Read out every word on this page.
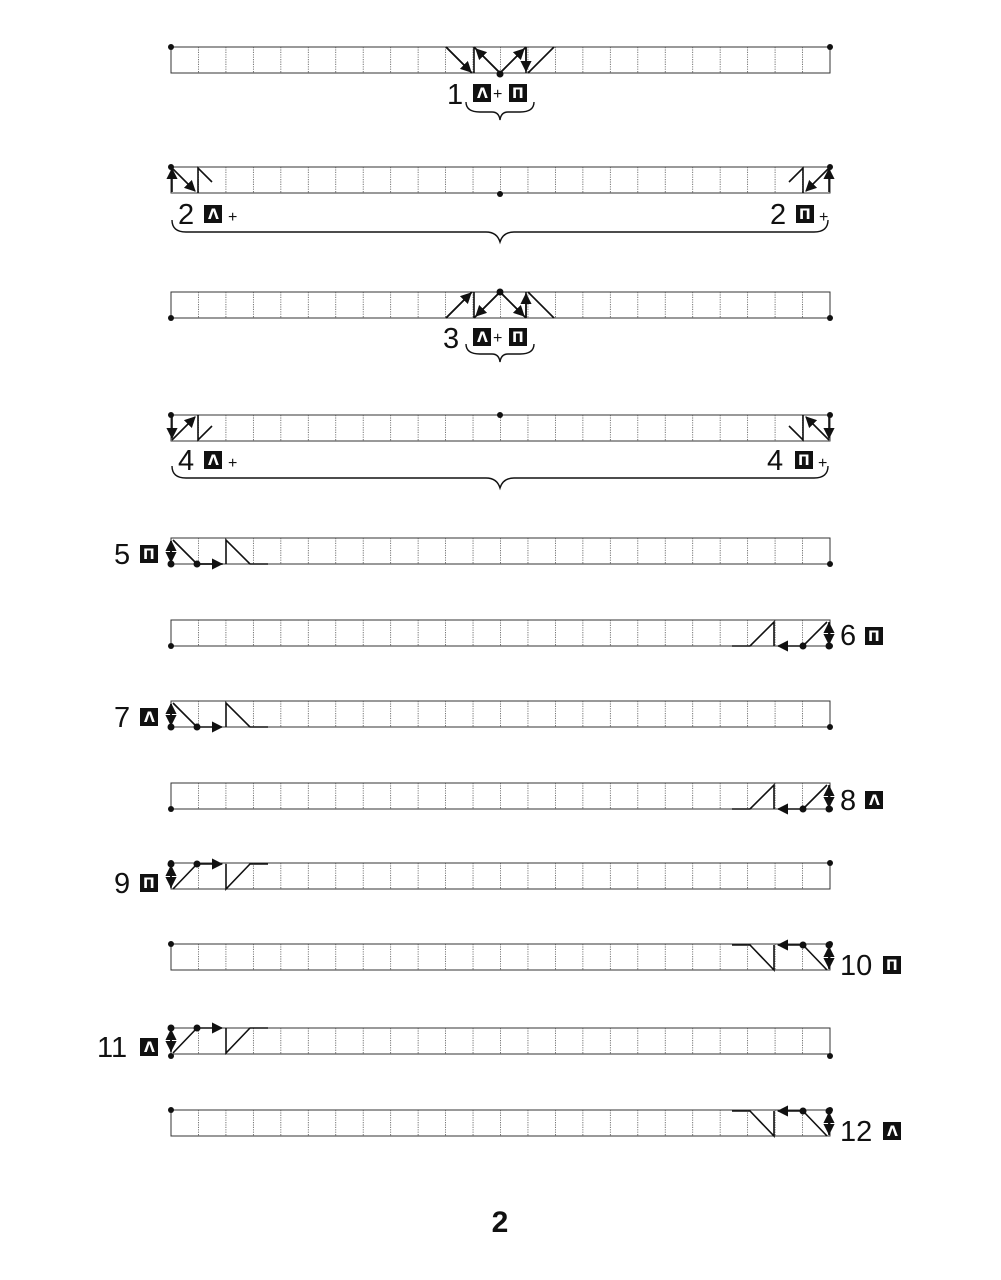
1 Λ + Π
2 Λ +	2 Π +
3 Λ + Π
4 Λ +	4 Π +
5 Π
6 Π
7 Λ
8 Λ
9 Π
10 Π
11 Λ
12 Λ
2
